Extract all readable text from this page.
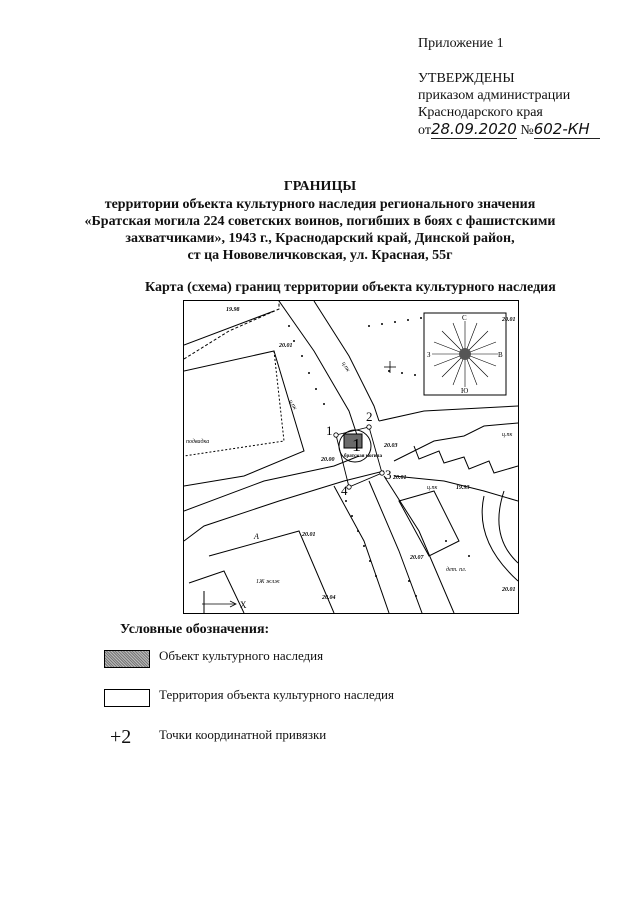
Приложение 1
УТВЕРЖДЕНЫ
приказом администрации
Краснодарского края
от28.09.2020 №602-КН
ГРАНИЦЫ
территории объекта культурного наследия регионального значения
«Братская могила 224 советских воинов, погибших в боях с фашистскими
захватчиками», 1943 г., Краснодарский край, Динской район,
ст ца Нововеличковская, ул. Красная, 55г
Карта (схема) границ территории объекта культурного наследия
С
Ю
З	В
1
2
3
4
1
братская могила
19.98
20.01
20.00
20.03
20.01
19.93
20.01
20.04
20.07
20.01
20.01
ц.пк
ц.пк
ц.пк
ц.пк
подвадка
дет. пл.
1Ж жлж
А
X
Условные обозначения:
Объект культурного наследия
Территория объекта культурного наследия
+2 Точки координатной привязки
